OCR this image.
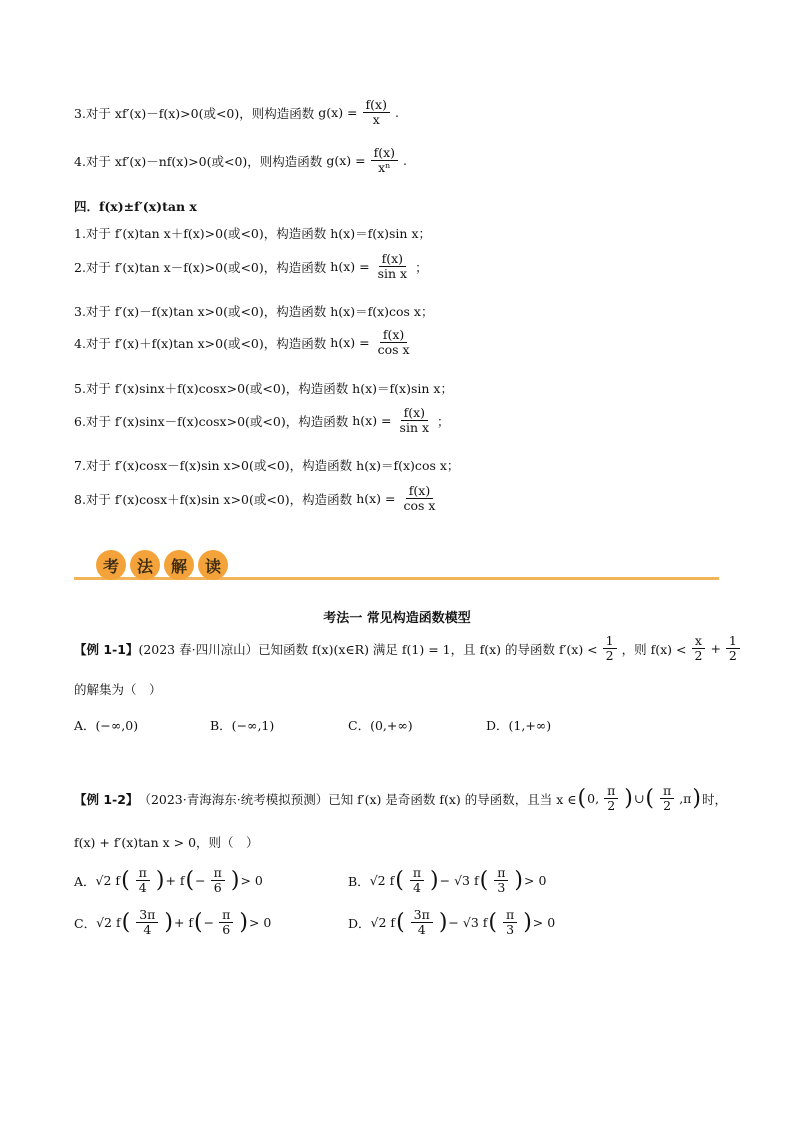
3.对于 xf′(x)－f(x)>0(或<0)，则构造函数 $g(x) = \frac{f(x)}{x}$ .
4.对于 xf′(x)－nf(x)>0(或<0)，则构造函数 $g(x) = \frac{f(x)}{\text{xⁿ}}$ .
四．f(x)±f′(x)tan x
1.对于 f′(x)tan x＋f(x)>0(或<0)，构造函数 h(x)＝f(x)sin x；
2.对于 f′(x)tan x－f(x)>0(或<0)，构造函数 $h(x) = \frac{f(x)}{\text{sin x}}$ ；
3.对于 f′(x)－f(x)tan x>0(或<0)，构造函数 h(x)＝f(x)cos x；
4.对于 f′(x)＋f(x)tan x>0(或<0)，构造函数 $h(x) = \frac{f(x)}{\text{cos x}}$
5.对于 f′(x)sinx＋f(x)cosx>0(或<0)，构造函数 h(x)＝f(x)sin x；
6.对于 f′(x)sinx－f(x)cosx>0(或<0)，构造函数 $h(x) = \frac{f(x)}{\text{sin x}}$ ；
7.对于 f′(x)cosx－f(x)sin x>0(或<0)，构造函数 h(x)＝f(x)cos x；
8.对于 f′(x)cosx＋f(x)sin x>0(或<0)，构造函数 $h(x) = \frac{f(x)}{\text{cos x}}$
考	法	解	读
考法一 常见构造函数模型
【例 1-1】 (2023 春·四川凉山）已知函数 f(x)(x∈R) 满足 f(1) = 1，且 f(x) 的导函数 $f'(x) < \frac{1}{2}$ ，则 $f(x) < \frac{x}{2} + \frac{1}{2}$
的解集为（　）
A．(−∞,0)	B．(−∞,1)	C．(0,+∞)	D．(1,+∞)
【例 1-2】 （2023·青海海东·统考模拟预测）已知 f′(x) 是奇函数 f(x) 的导函数，且当 x ∈ ( 0, $\frac{\pi}{2}$ ) ∪ ( $\frac{\pi}{2} ,\pi$ ) 时，
f(x) + f′(x)tan x > 0，则（　）
A． √2 f ( $\frac{\pi}{4}$ ) + f ( − $\frac{\pi}{6}$ ) > 0	B． √2 f ( $\frac{\pi}{4}$ ) − √3 f ( $\frac{\pi}{3}$ ) > 0
C． √2 f ( $\frac{3\pi}{4}$ ) + f ( − $\frac{\pi}{6}$ ) > 0	D． √2 f ( $\frac{3\pi}{4}$ ) − √3 f ( $\frac{\pi}{3}$ ) > 0
